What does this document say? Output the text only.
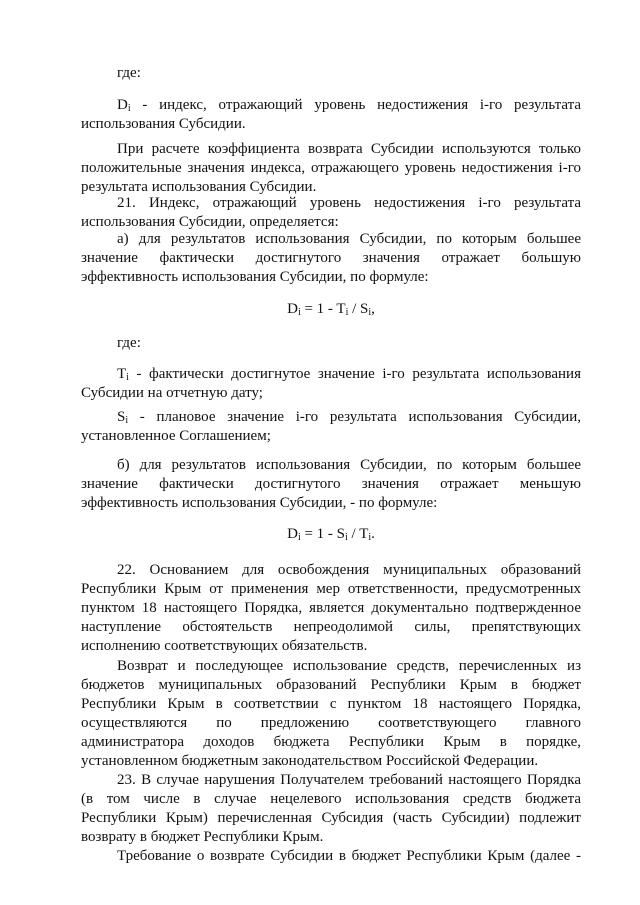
где:
$D_i$ - индекс, отражающий уровень недостижения i-го результата
использования Субсидии.
При расчете коэффициента возврата Субсидии используются только
положительные значения индекса, отражающего уровень недостижения i-го
результата использования Субсидии.
21. Индекс, отражающий уровень недостижения i-го результата
использования Субсидии, определяется:
а) для результатов использования Субсидии, по которым большее
значение фактически достигнутого значения отражает большую
эффективность использования Субсидии, по формуле:
$D_i = 1 - T_i / S_i$,
где:
$T_i$ - фактически достигнутое значение i-го результата использования
Субсидии на отчетную дату;
$S_i$ - плановое значение i-го результата использования Субсидии,
установленное Соглашением;
б) для результатов использования Субсидии, по которым большее
значение фактически достигнутого значения отражает меньшую
эффективность использования Субсидии, - по формуле:
$D_i = 1 - S_i / T_i$.
22. Основанием для освобождения муниципальных образований
Республики Крым от применения мер ответственности, предусмотренных
пунктом 18 настоящего Порядка, является документально подтвержденное
наступление обстоятельств непреодолимой силы, препятствующих
исполнению соответствующих обязательств.
Возврат и последующее использование средств, перечисленных из
бюджетов муниципальных образований Республики Крым в бюджет
Республики Крым в соответствии с пунктом 18 настоящего Порядка,
осуществляются по предложению соответствующего главного
администратора доходов бюджета Республики Крым в порядке,
установленном бюджетным законодательством Российской Федерации.
23. В случае нарушения Получателем требований настоящего Порядка
(в том числе в случае нецелевого использования средств бюджета
Республики Крым) перечисленная Субсидия (часть Субсидии) подлежит
возврату в бюджет Республики Крым.
Требование о возврате Субсидии в бюджет Республики Крым (далее -
